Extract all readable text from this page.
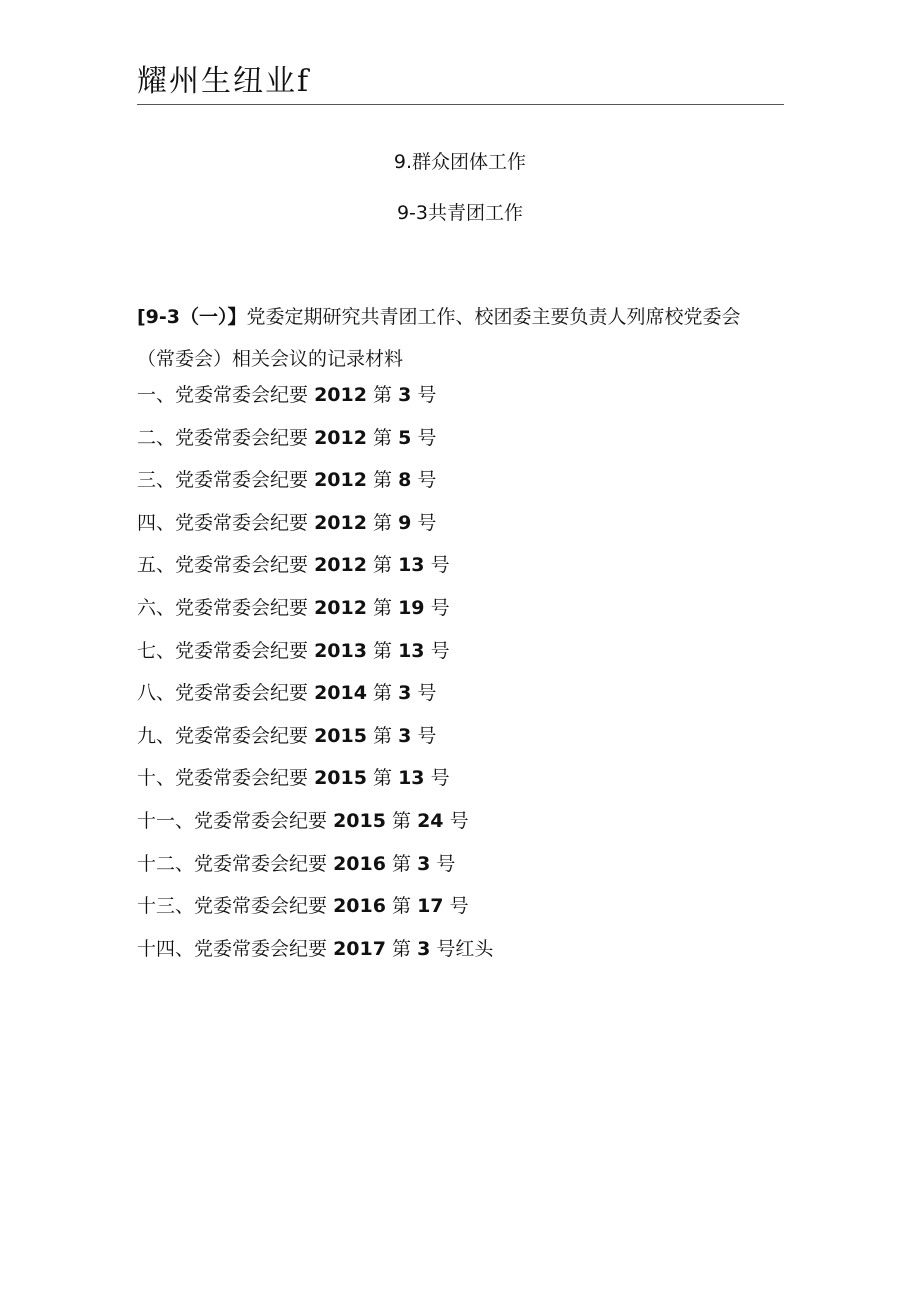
耀州生纽业f
9.群众团体工作
9-3共青团工作
[9-3（一）】党委定期研究共青团工作、校团委主要负责人列席校党委会
（常委会）相关会议的记录材料
一、党委常委会纪要 2012 第 3 号
二、党委常委会纪要 2012 第 5 号
三、党委常委会纪要 2012 第 8 号
四、党委常委会纪要 2012 第 9 号
五、党委常委会纪要 2012 第 13 号
六、党委常委会纪要 2012 第 19 号
七、党委常委会纪要 2013 第 13 号
八、党委常委会纪要 2014 第 3 号
九、党委常委会纪要 2015 第 3 号
十、党委常委会纪要 2015 第 13 号
十一、党委常委会纪要 2015 第 24 号
十二、党委常委会纪要 2016 第 3 号
十三、党委常委会纪要 2016 第 17 号
十四、党委常委会纪要 2017 第 3 号红头
